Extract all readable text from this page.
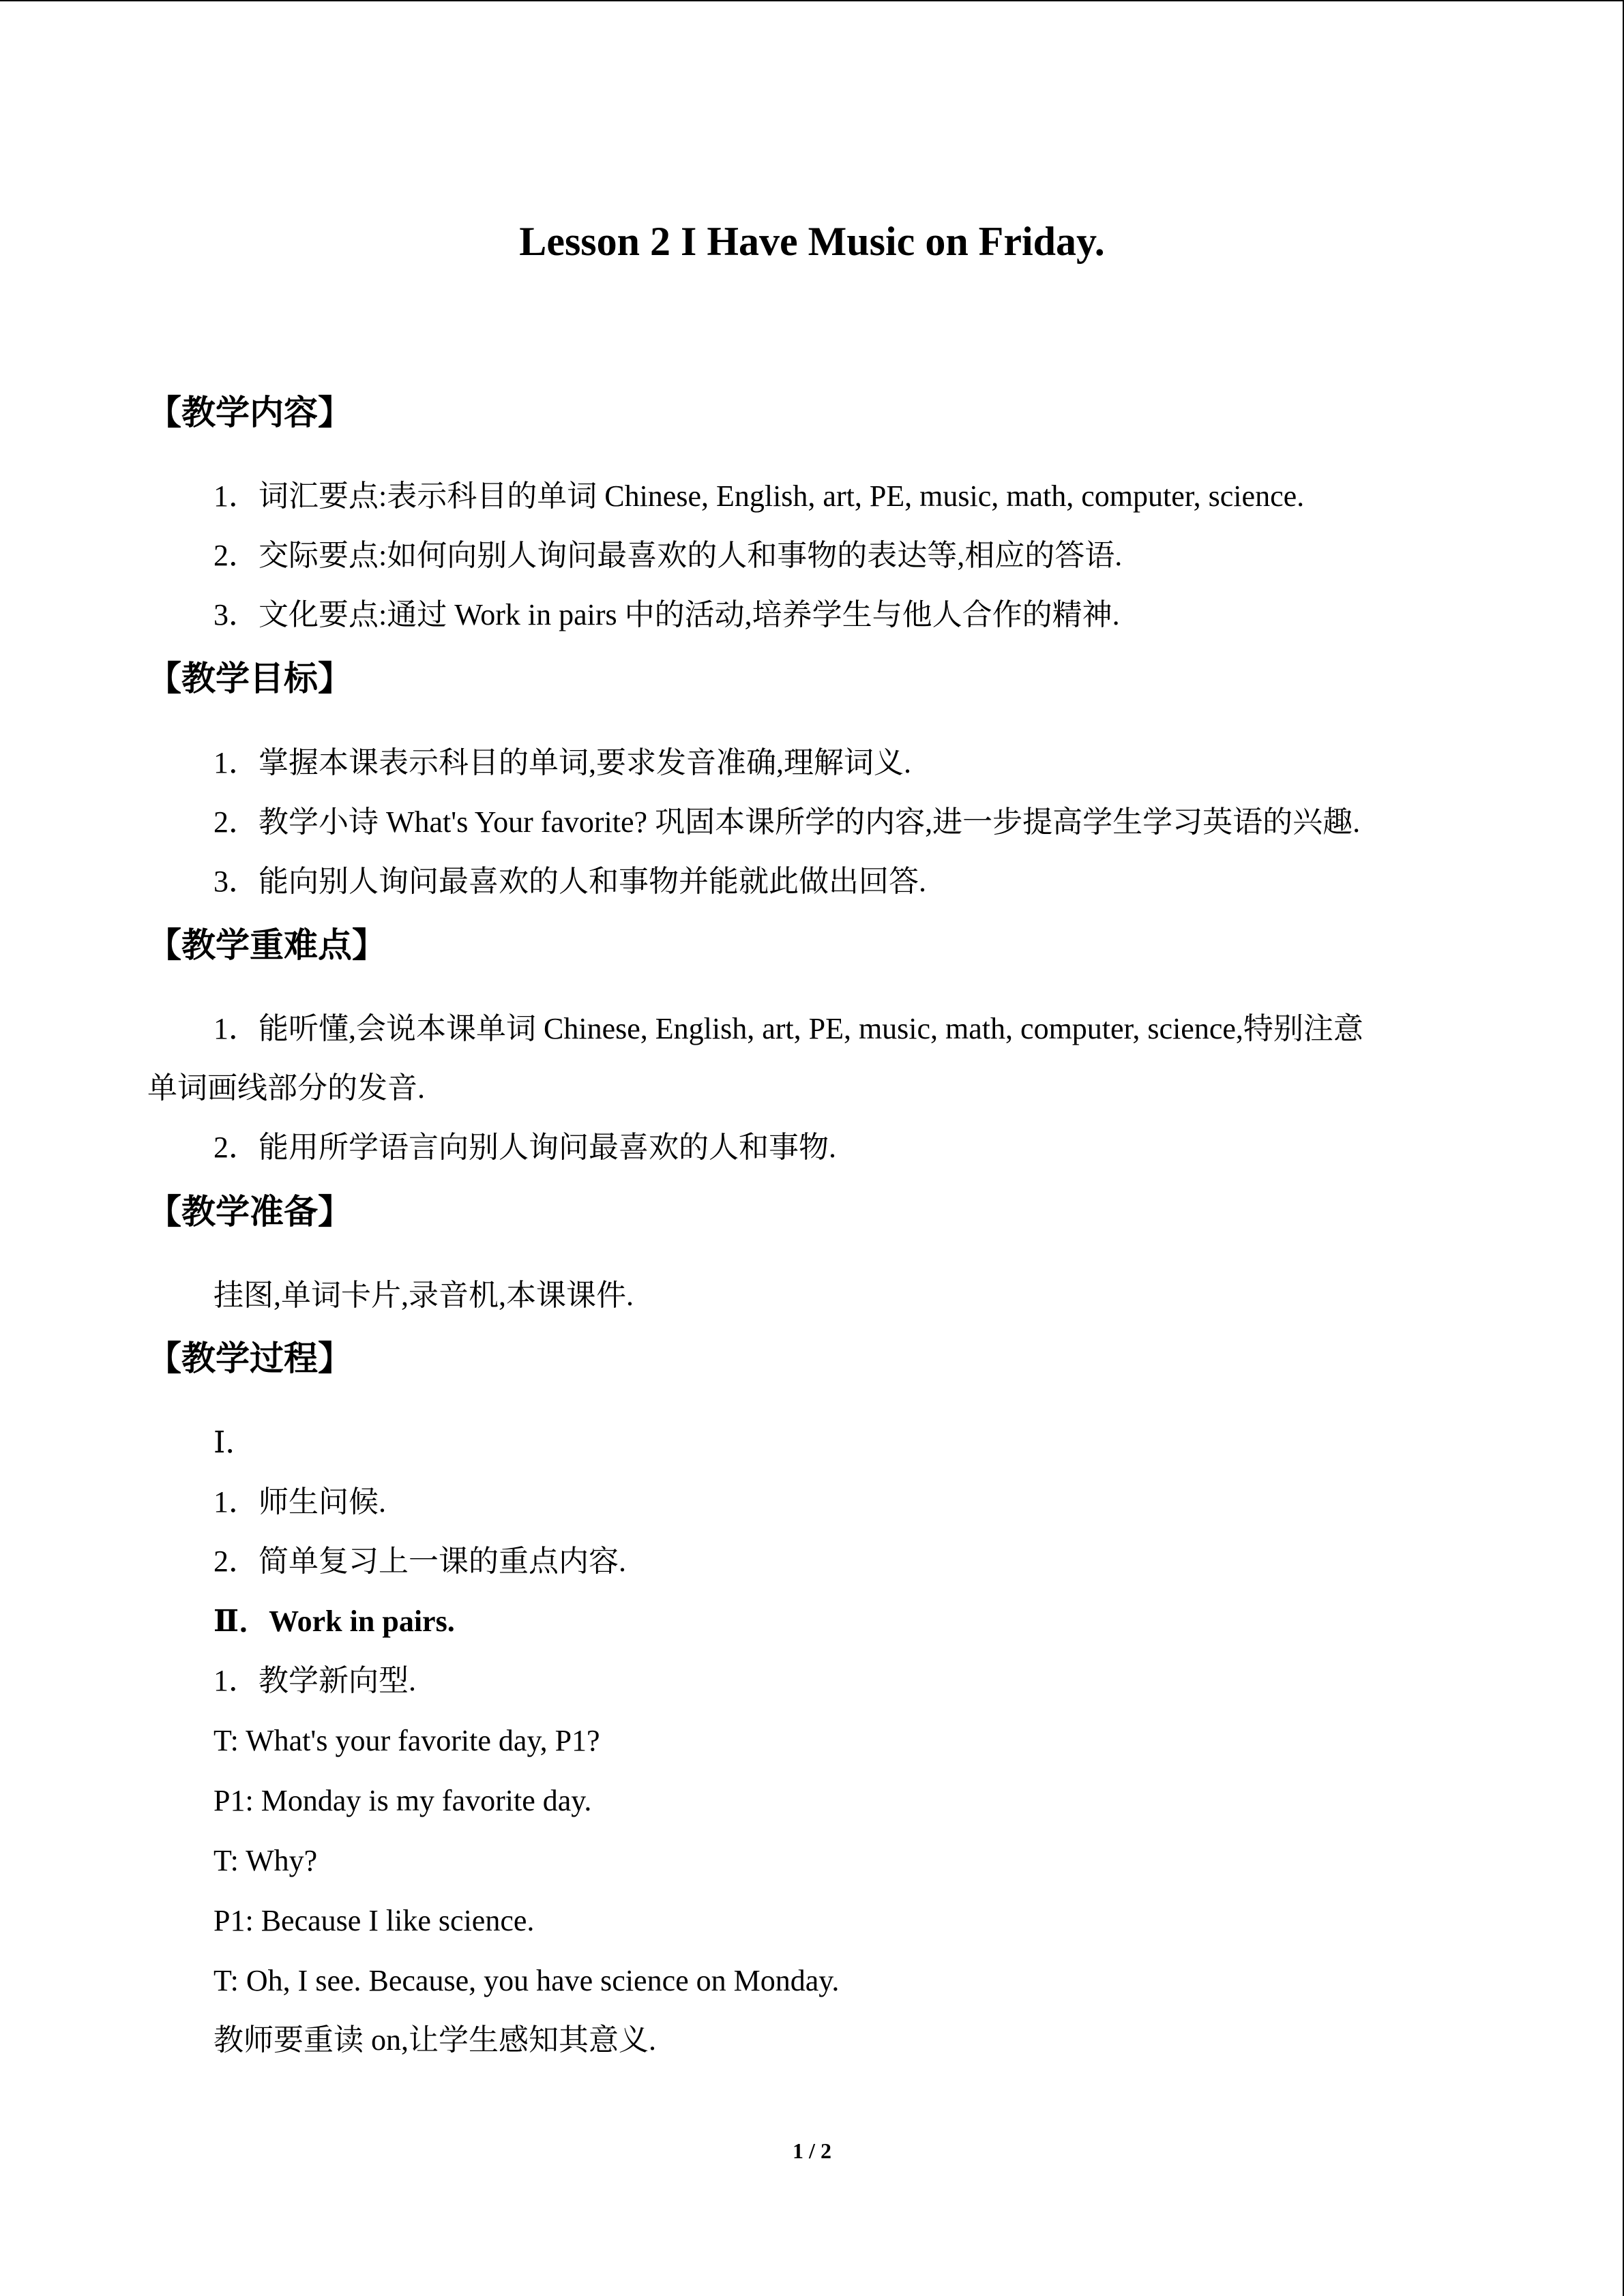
Lesson 2 I Have Music on Friday.
【教学内容】
1．词汇要点:表示科目的单词 Chinese, English, art, PE, music, math, computer, science.
2．交际要点:如何向别人询问最喜欢的人和事物的表达等,相应的答语.
3．文化要点:通过 Work in pairs 中的活动,培养学生与他人合作的精神.
【教学目标】
1．掌握本课表示科目的单词,要求发音准确,理解词义.
2．教学小诗 What's Your favorite? 巩固本课所学的内容,进一步提高学生学习英语的兴趣.
3．能向别人询问最喜欢的人和事物并能就此做出回答.
【教学重难点】
1．能听懂,会说本课单词 Chinese, English, art, PE, music, math, computer, science,特别注意
单词画线部分的发音.
2．能用所学语言向别人询问最喜欢的人和事物.
【教学准备】
挂图,单词卡片,录音机,本课课件.
【教学过程】
Ⅰ．
1．师生问候.
2．简单复习上一课的重点内容.
Ⅱ．Work in pairs.
1．教学新向型.
T: What's your favorite day, P1?
P1: Monday is my favorite day.
T: Why?
P1: Because I like science.
T: Oh, I see. Because, you have science on Monday.
教师要重读 on,让学生感知其意义.
1 / 2
